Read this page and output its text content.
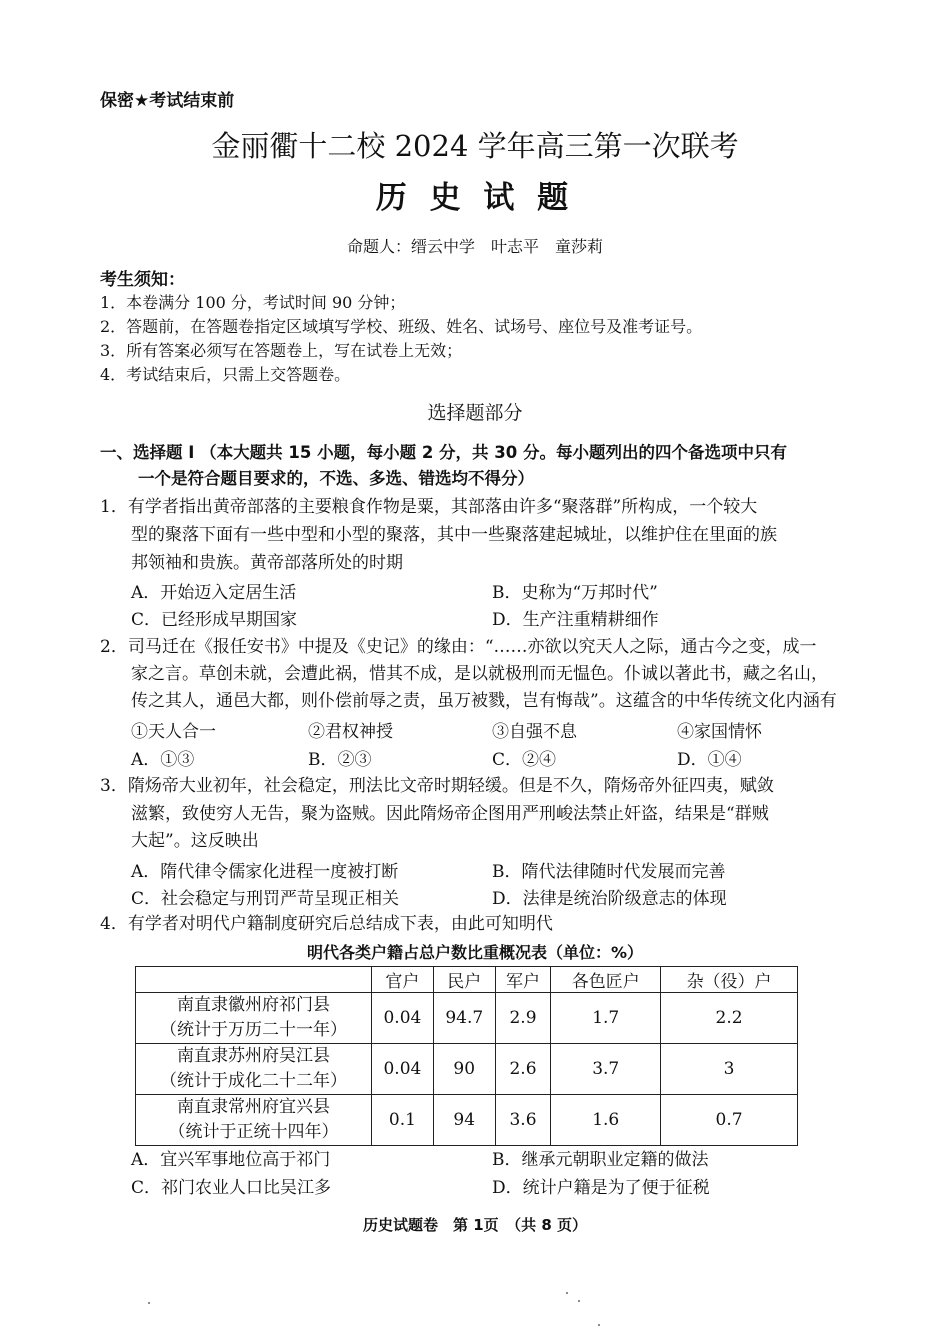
保密★考试结束前
金丽衢十二校 2024 学年高三第一次联考
历 史 试 题
命题人：缙云中学　叶志平　童莎莉
考生须知：
1．本卷满分 100 分，考试时间 90 分钟；
2．答题前，在答题卷指定区域填写学校、班级、姓名、试场号、座位号及准考证号。
3．所有答案必须写在答题卷上，写在试卷上无效；
4．考试结束后，只需上交答题卷。
选择题部分
一、选择题 I （本大题共 15 小题，每小题 2 分，共 30 分。每小题列出的四个备选项中只有
一个是符合题目要求的，不选、多选、错选均不得分）
1．有学者指出黄帝部落的主要粮食作物是粟，其部落由许多“聚落群”所构成，一个较大
型的聚落下面有一些中型和小型的聚落，其中一些聚落建起城址，以维护住在里面的族
邦领袖和贵族。黄帝部落所处的时期
A．开始迈入定居生活	B．史称为“万邦时代”
C．已经形成早期国家	D．生产注重精耕细作
2．司马迁在《报任安书》中提及《史记》的缘由：“……亦欲以究天人之际，通古今之变，成一
家之言。草创未就，会遭此祸，惜其不成，是以就极刑而无愠色。仆诚以著此书，藏之名山，
传之其人，通邑大都，则仆偿前辱之责，虽万被戮，岂有悔哉”。这蕴含的中华传统文化内涵有
①天人合一	②君权神授	③自强不息	④家国情怀
A．①③	B．②③	C．②④	D．①④
3．隋炀帝大业初年，社会稳定，刑法比文帝时期轻缓。但是不久，隋炀帝外征四夷，赋敛
滋繁，致使穷人无告，聚为盗贼。因此隋炀帝企图用严刑峻法禁止奸盗，结果是“群贼
大起”。这反映出
A．隋代律令儒家化进程一度被打断	B．隋代法律随时代发展而完善
C．社会稳定与刑罚严苛呈现正相关	D．法律是统治阶级意志的体现
4．有学者对明代户籍制度研究后总结成下表，由此可知明代
明代各类户籍占总户数比重概况表（单位：%）
	官户	民户	军户	各色匠户	杂（役）户

南直隶徽州府祁门县
（统计于万历二十一年）	0.04	94.7	2.9	1.7	2.2

南直隶苏州府吴江县
（统计于成化二十二年）	0.04	90	2.6	3.7	3

南直隶常州府宜兴县
（统计于正统十四年）	0.1	94	3.6	1.6	0.7
A．宜兴军事地位高于祁门	B．继承元朝职业定籍的做法
C．祁门农业人口比吴江多	D．统计户籍是为了便于征税
历史试题卷　第 1页　（共 8 页）
